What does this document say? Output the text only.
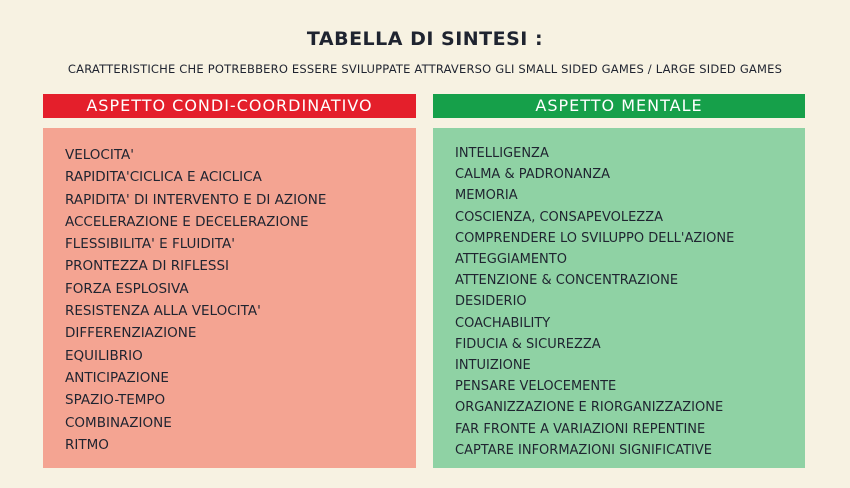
TABELLA DI SINTESI :
CARATTERISTICHE CHE POTREBBERO ESSERE SVILUPPATE ATTRAVERSO GLI SMALL SIDED GAMES / LARGE SIDED GAMES
ASPETTO CONDI-COORDINATIVO	ASPETTO MENTALE
VELOCITA'
RAPIDITA'CICLICA E ACICLICA
RAPIDITA' DI INTERVENTO E DI AZIONE
ACCELERAZIONE E DECELERAZIONE
FLESSIBILITA' E FLUIDITA'
PRONTEZZA DI RIFLESSI
FORZA ESPLOSIVA
RESISTENZA ALLA VELOCITA'
DIFFERENZIAZIONE
EQUILIBRIO
ANTICIPAZIONE
SPAZIO-TEMPO
COMBINAZIONE
RITMO
INTELLIGENZA
CALMA & PADRONANZA
MEMORIA
COSCIENZA, CONSAPEVOLEZZA
COMPRENDERE LO SVILUPPO DELL'AZIONE
ATTEGGIAMENTO
ATTENZIONE & CONCENTRAZIONE
DESIDERIO
COACHABILITY
FIDUCIA & SICUREZZA
INTUIZIONE
PENSARE VELOCEMENTE
ORGANIZZAZIONE E RIORGANIZZAZIONE
FAR FRONTE A VARIAZIONI REPENTINE
CAPTARE INFORMAZIONI SIGNIFICATIVE
